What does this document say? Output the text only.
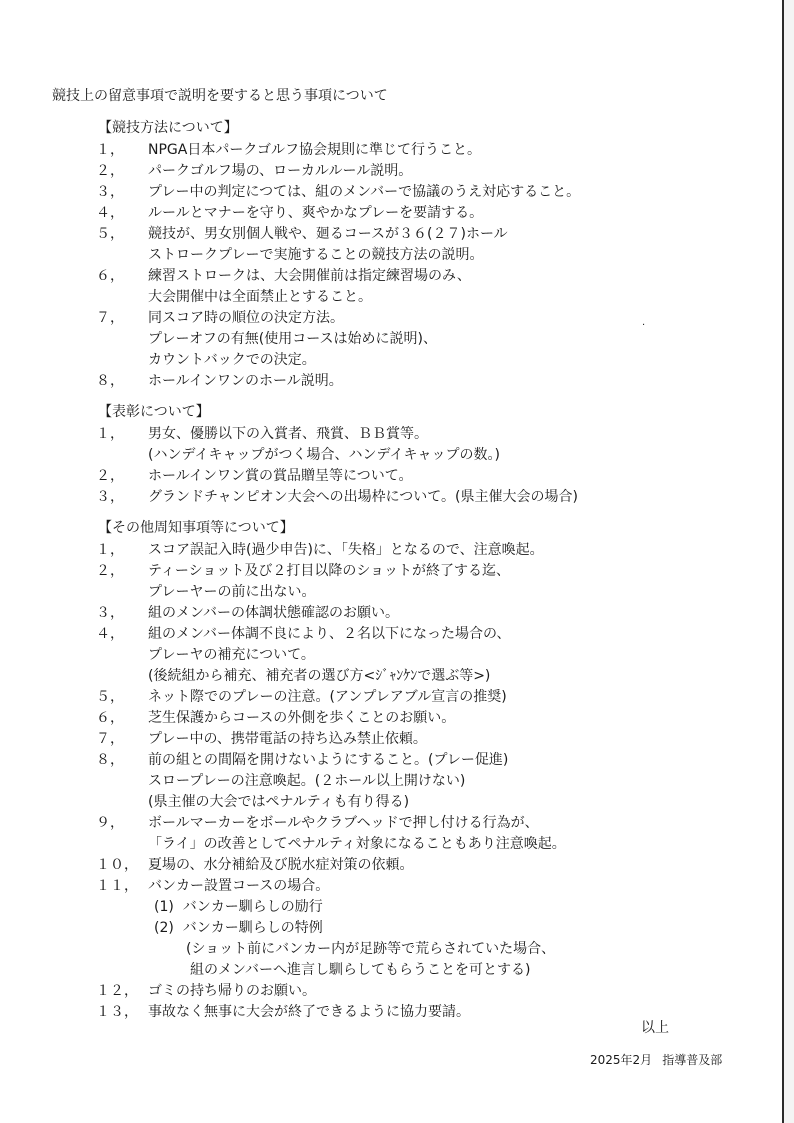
競技上の留意事項で説明を要すると思う事項について
【競技方法について】
１， NPGA日本パークゴルフ協会規則に準じて行うこと。
２， パークゴルフ場の、ローカルルール説明。
３， プレー中の判定につては、組のメンバーで協議のうえ対応すること。
４， ルールとマナーを守り、爽やかなプレーを要請する。
５， 競技が、男女別個人戦や、廻るコースが３６(２７)ホール
ストロークプレーで実施することの競技方法の説明。
６， 練習ストロークは、大会開催前は指定練習場のみ、
大会開催中は全面禁止とすること。
７， 同スコア時の順位の決定方法。	.
プレーオフの有無(使用コースは始めに説明)、
カウントバックでの決定。
８， ホールインワンのホール説明。
【表彰について】
１， 男女、優勝以下の入賞者、飛賞、ＢＢ賞等。
(ハンデイキャップがつく場合、ハンデイキャップの数。)
２， ホールインワン賞の賞品贈呈等について。
３， グランドチャンピオン大会への出場枠について。(県主催大会の場合)
【その他周知事項等について】
１， スコア誤記入時(過少申告)に、「失格」となるので、注意喚起。
２， ティーショット及び２打目以降のショットが終了する迄、
プレーヤーの前に出ない。
３， 組のメンバーの体調状態確認のお願い。
４， 組のメンバー体調不良により、２名以下になった場合の、
プレーヤの補充について。
(後続組から補充、補充者の選び方<ｼﾞｬﾝｹﾝで選ぶ等>)
５， ネット際でのプレーの注意。(アンプレアブル宣言の推奨)
６， 芝生保護からコースの外側を歩くことのお願い。
７， プレー中の、携帯電話の持ち込み禁止依頼。
８， 前の組との間隔を開けないようにすること。(プレー促進)
スロープレーの注意喚起。(２ホール以上開けない)
(県主催の大会ではペナルティも有り得る)
９， ボールマーカーをボールやクラブヘッドで押し付ける行為が、
「ライ」の改善としてペナルティ対象になることもあり注意喚起。
１０， 夏場の、水分補給及び脱水症対策の依頼。
１１， バンカー設置コースの場合。
(1) バンカー馴らしの励行
(2) バンカー馴らしの特例
(ショット前にバンカー内が足跡等で荒らされていた場合、
組のメンバーへ進言し馴らしてもらうことを可とする)
１２， ゴミの持ち帰りのお願い。
１３， 事故なく無事に大会が終了できるように協力要請。
以上
2025年2月 指導普及部
